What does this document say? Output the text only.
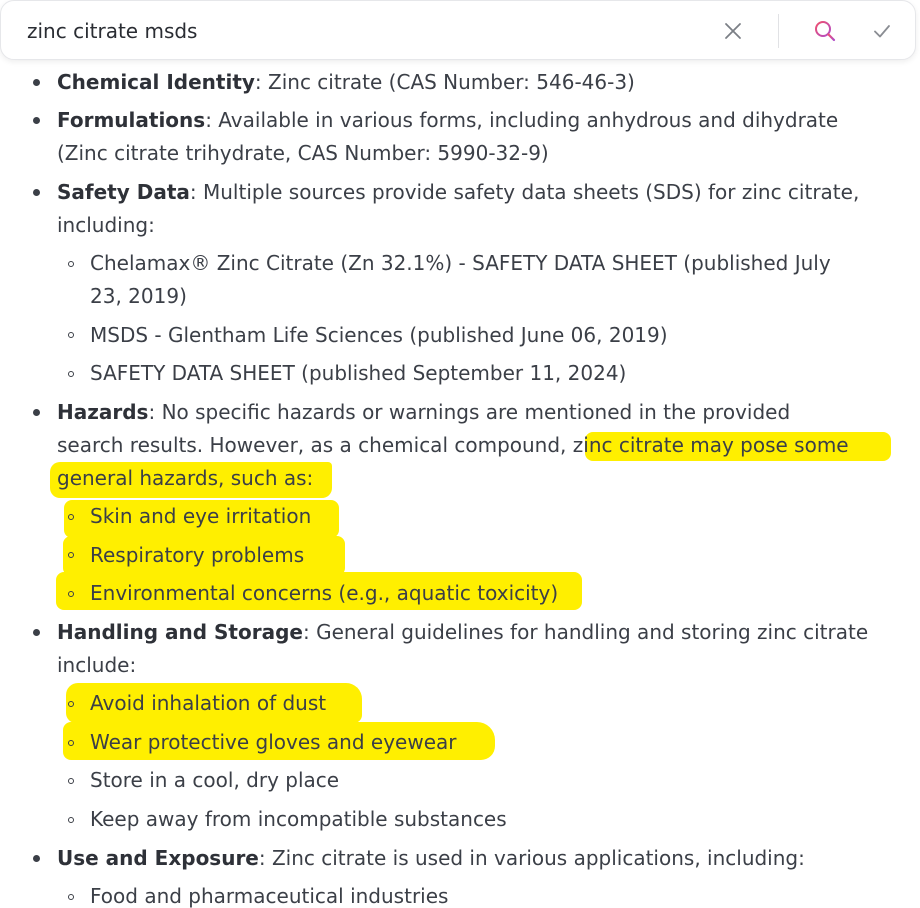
zinc citrate msds
Chemical Identity: Zinc citrate (CAS Number: 546-46-3)
Formulations: Available in various forms, including anhydrous and dihydrate
(Zinc citrate trihydrate, CAS Number: 5990-32-9)
Safety Data: Multiple sources provide safety data sheets (SDS) for zinc citrate,
including:
Chelamax® Zinc Citrate (Zn 32.1%) - SAFETY DATA SHEET (published July
23, 2019)
MSDS - Glentham Life Sciences (published June 06, 2019)
SAFETY DATA SHEET (published September 11, 2024)
Hazards: No specific hazards or warnings are mentioned in the provided
search results. However, as a chemical compound, zinc citrate may pose some
general hazards, such as:
Skin and eye irritation
Respiratory problems
Environmental concerns (e.g., aquatic toxicity)
Handling and Storage: General guidelines for handling and storing zinc citrate
include:
Avoid inhalation of dust
Wear protective gloves and eyewear
Store in a cool, dry place
Keep away from incompatible substances
Use and Exposure: Zinc citrate is used in various applications, including:
Food and pharmaceutical industries
